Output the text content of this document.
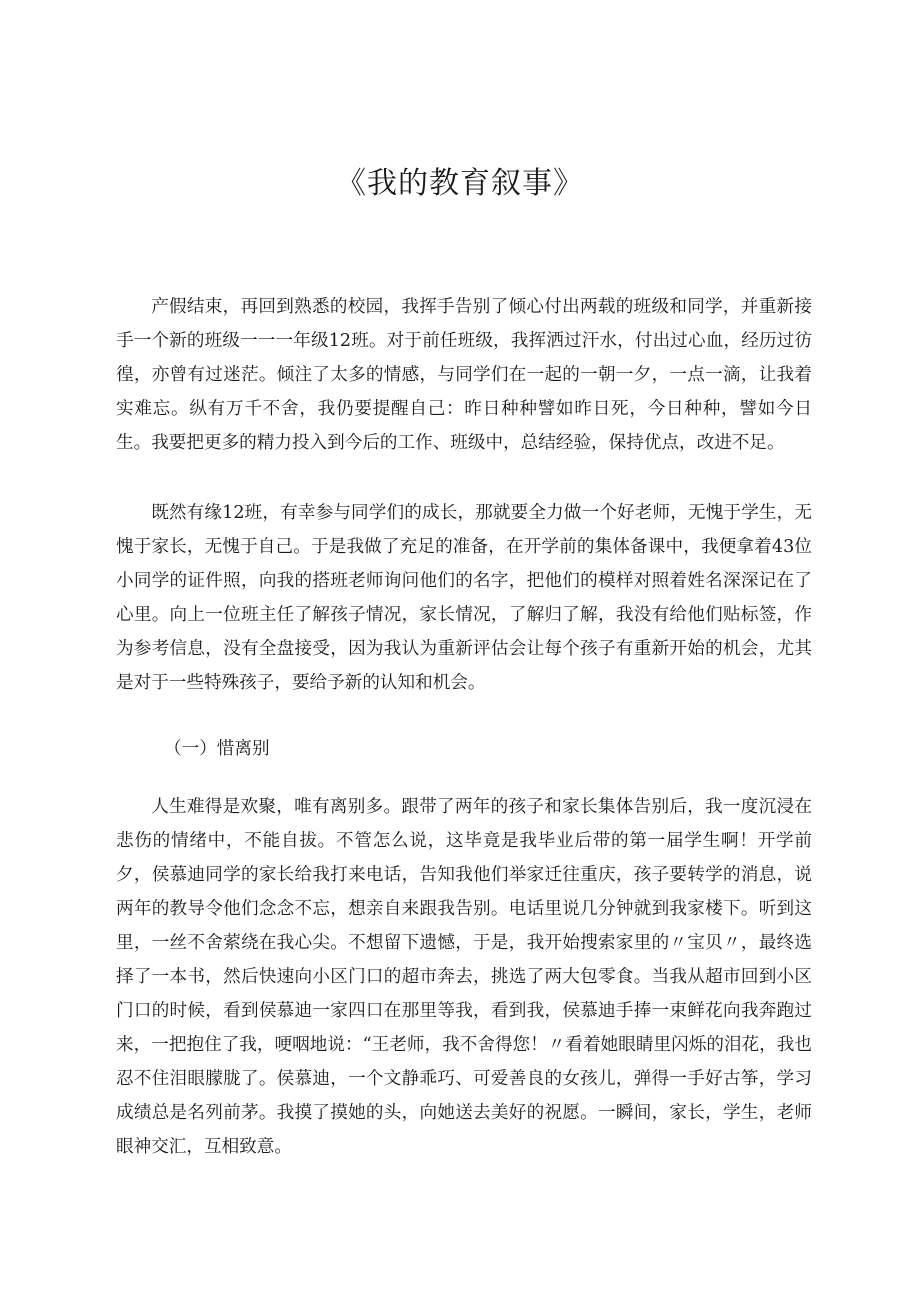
《我的教育叙事》

产假结束，再回到熟悉的校园，我挥手告别了倾心付出两载的班级和同学，并重新接手一个新的班级一一一年级12班。对于前任班级，我挥洒过汗水，付出过心血，经历过彷徨，亦曾有过迷茫。倾注了太多的情感，与同学们在一起的一朝一夕，一点一滴，让我着实难忘。纵有万千不舍，我仍要提醒自己：昨日种种譬如昨日死，今日种种，譬如今日生。我要把更多的精力投入到今后的工作、班级中，总结经验，保持优点，改进不足。

既然有缘12班，有幸参与同学们的成长，那就要全力做一个好老师，无愧于学生，无愧于家长，无愧于自己。于是我做了充足的准备，在开学前的集体备课中，我便拿着43位小同学的证件照，向我的搭班老师询问他们的名字，把他们的模样对照着姓名深深记在了心里。向上一位班主任了解孩子情况，家长情况，了解归了解，我没有给他们贴标签，作为参考信息，没有全盘接受，因为我认为重新评估会让每个孩子有重新开始的机会，尤其是对于一些特殊孩子，要给予新的认知和机会。

（一）惜离别

人生难得是欢聚，唯有离别多。跟带了两年的孩子和家长集体告别后，我一度沉浸在悲伤的情绪中，不能自拔。不管怎么说，这毕竟是我毕业后带的第一届学生啊！开学前夕，侯慕迪同学的家长给我打来电话，告知我他们举家迁往重庆，孩子要转学的消息，说两年的教导令他们念念不忘，想亲自来跟我告别。电话里说几分钟就到我家楼下。听到这里，一丝不舍萦绕在我心尖。不想留下遗憾，于是，我开始搜索家里的〃宝贝〃，最终选择了一本书，然后快速向小区门口的超市奔去，挑选了两大包零食。当我从超市回到小区门口的时候，看到侯慕迪一家四口在那里等我，看到我，侯慕迪手捧一束鲜花向我奔跑过来，一把抱住了我，哽咽地说：“王老师，我不舍得您！〃看着她眼睛里闪烁的泪花，我也忍不住泪眼朦胧了。侯慕迪，一个文静乖巧、可爱善良的女孩儿，弹得一手好古筝，学习成绩总是名列前茅。我摸了摸她的头，向她送去美好的祝愿。一瞬间，家长，学生，老师眼神交汇，互相致意。
